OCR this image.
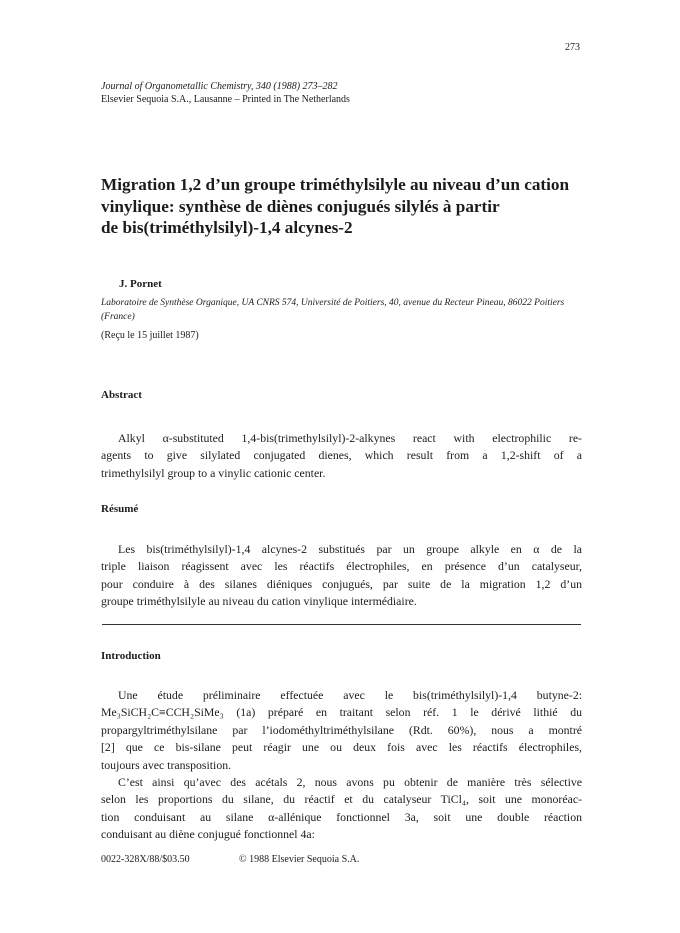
273
Journal of Organometallic Chemistry, 340 (1988) 273–282
Elsevier Sequoia S.A., Lausanne – Printed in The Netherlands
Migration 1,2 d’un groupe triméthylsilyle au niveau d’un cation
vinylique: synthèse de diènes conjugués silylés à partir
de bis(triméthylsilyl)-1,4 alcynes-2
J. Pornet
Laboratoire de Synthèse Organique, UA CNRS 574, Université de Poitiers, 40, avenue du Recteur Pineau, 86022 Poitiers (France)
(Reçu le 15 juillet 1987)
Abstract
Alkyl α-substituted 1,4-bis(trimethylsilyl)-2-alkynes react with electrophilic re-
agents to give silylated conjugated dienes, which result from a 1,2-shift of a
trimethylsilyl group to a vinylic cationic center.
Résumé
Les bis(triméthylsilyl)-1,4 alcynes-2 substitués par un groupe alkyle en α de la
triple liaison réagissent avec les réactifs électrophiles, en présence d’un catalyseur,
pour conduire à des silanes diéniques conjugués, par suite de la migration 1,2 d’un
groupe triméthylsilyle au niveau du cation vinylique intermédiaire.
Introduction
Une étude préliminaire effectuée avec le bis(triméthylsilyl)-1,4 butyne-2:
Me₃SiCH₂C≡CCH₂SiMe₃ (1a) préparé en traitant selon réf. 1 le dérivé lithié du
propargyltriméthylsilane par l’iodométhyltriméthylsilane (Rdt. 60%), nous a montré
[2] que ce bis-silane peut réagir une ou deux fois avec les réactifs électrophiles,
toujours avec transposition.
C’est ainsi qu’avec des acétals 2, nous avons pu obtenir de manière très sélective
selon les proportions du silane, du réactif et du catalyseur TiCl₄, soit une monoréac-
tion conduisant au silane α-allénique fonctionnel 3a, soit une double réaction
conduisant au diène conjugué fonctionnel 4a:
0022-328X/88/$03.50	© 1988 Elsevier Sequoia S.A.
